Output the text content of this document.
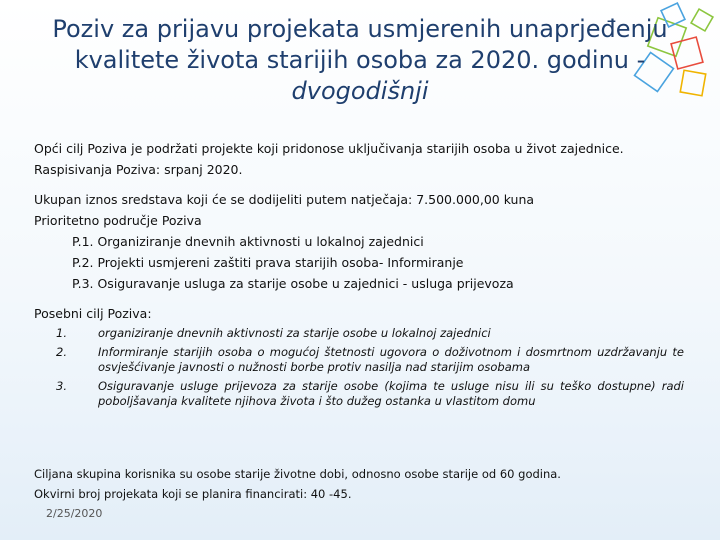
Poziv za prijavu projekata usmjerenih unaprjeđenju
kvalitete života starijih osoba za 2020. godinu -
dvogodišnji

Opći cilj Poziva je podržati projekte koji pridonose uključivanja starijih osoba u život zajednice.

Raspisivanja Poziva: srpanj 2020.

Ukupan iznos sredstava koji će se dodijeliti putem natječaja: 7.500.000,00 kuna

Prioritetno područje Poziva

P.1. Organiziranje dnevnih aktivnosti u lokalnoj zajednici

P.2. Projekti usmjereni zaštiti prava starijih osoba- Informiranje

P.3. Osiguravanje usluga za starije osobe u zajednici - usluga prijevoza

Posebni cilj Poziva:

1.	organiziranje dnevnih aktivnosti za starije osobe u lokalnoj zajednici
2.	Informiranje starijih osoba o mogućoj štetnosti ugovora o doživotnom i dosmrtnom uzdržavanju te osvješćivanje javnosti o nužnosti borbe protiv nasilja nad starijim osobama
3.	Osiguravanje usluge prijevoza za starije osobe (kojima te usluge nisu ili su teško dostupne) radi poboljšavanja kvalitete njihova života i što dužeg ostanka u vlastitom domu
Ciljana skupina korisnika su osobe starije životne dobi, odnosno osobe starije od 60 godina.
Okvirni broj projekata koji se planira financirati: 40 -45.
2/25/2020
